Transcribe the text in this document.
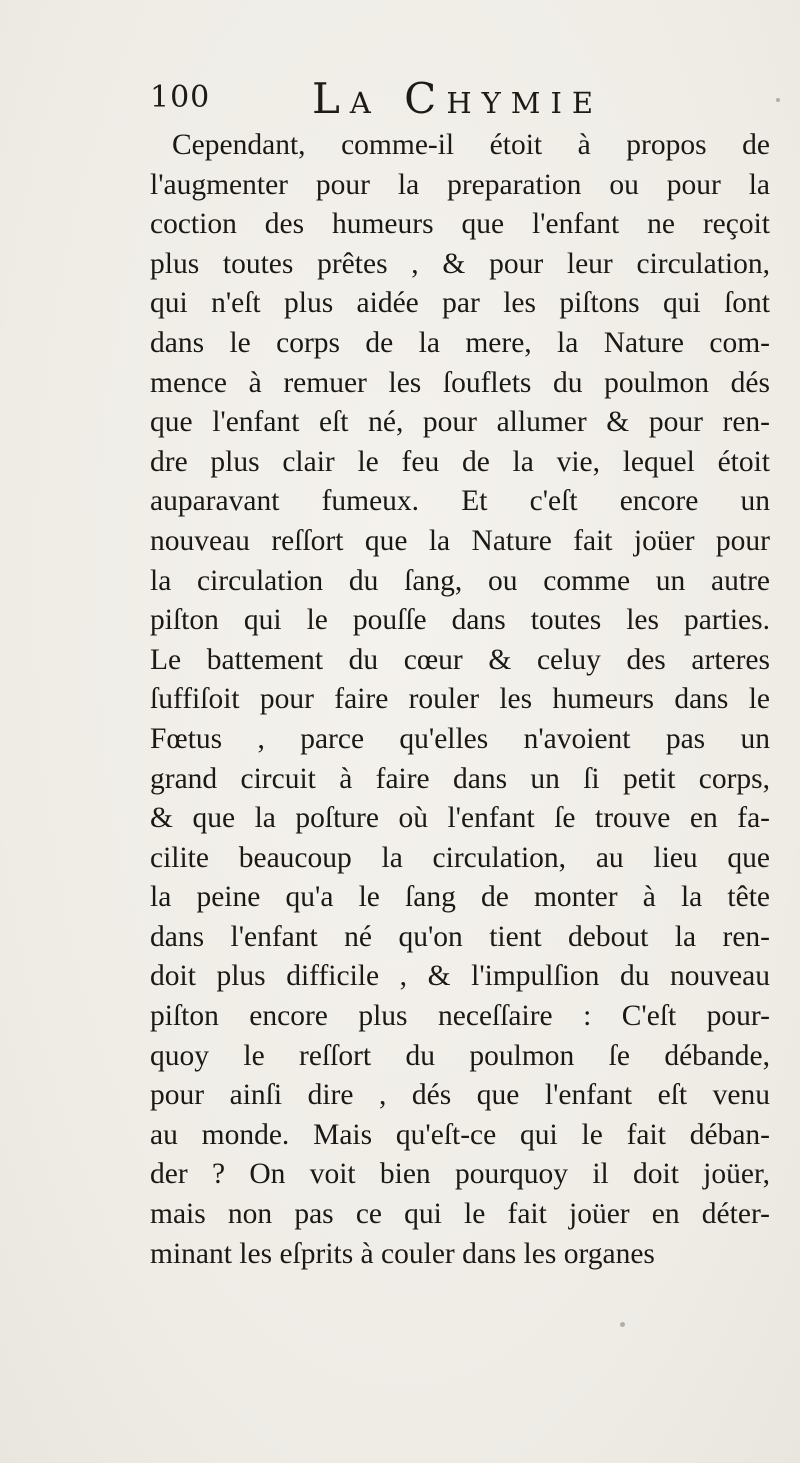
100 La Chymie
Cependant, comme-il étoit à propos de
l'augmenter pour la preparation ou pour la
coction des humeurs que l'enfant ne reçoit
plus toutes prêtes , & pour leur circulation,
qui n'eſt plus aidée par les piſtons qui ſont
dans le corps de la mere, la Nature com-
mence à remuer les ſouflets du poulmon dés
que l'enfant eſt né, pour allumer & pour ren-
dre plus clair le feu de la vie, lequel étoit
auparavant fumeux. Et c'eſt encore un
nouveau reſſort que la Nature fait joüer pour
la circulation du ſang, ou comme un autre
piſton qui le pouſſe dans toutes les parties.
Le battement du cœur & celuy des arteres
ſuffiſoit pour faire rouler les humeurs dans le
Fœtus , parce qu'elles n'avoient pas un
grand circuit à faire dans un ſi petit corps,
& que la poſture où l'enfant ſe trouve en fa-
cilite beaucoup la circulation, au lieu que
la peine qu'a le ſang de monter à la tête
dans l'enfant né qu'on tient debout la ren-
doit plus difficile , & l'impulſion du nouveau
piſton encore plus neceſſaire : C'eſt pour-
quoy le reſſort du poulmon ſe débande,
pour ainſi dire , dés que l'enfant eſt venu
au monde. Mais qu'eſt-ce qui le fait déban-
der ? On voit bien pourquoy il doit joüer,
mais non pas ce qui le fait joüer en déter-
minant les eſprits à couler dans les organes
